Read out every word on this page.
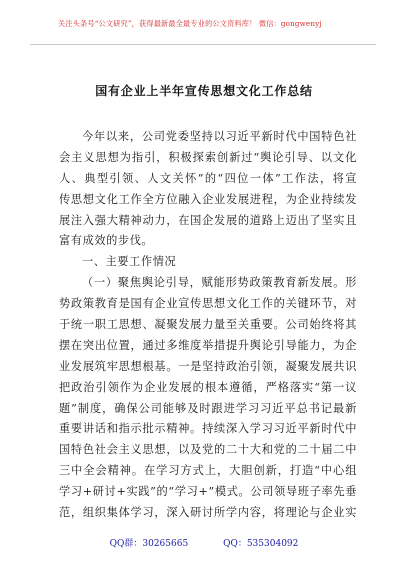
关注头条号“公文研究”，获得最新最全最专业的公文资料库！ 微信：gongwenyj
国有企业上半年宣传思想文化工作总结
今年以来，公司党委坚持以习近平新时代中国特色社
会主义思想为指引，积极探索创新过“舆论引导、以文化
人、典型引领、人文关怀”的“四位一体”工作法，将宣
传思想文化工作全方位融入企业发展进程，为企业持续发
展注入强大精神动力，在国企发展的道路上迈出了坚实且
富有成效的步伐。
一、主要工作情况
（一）聚焦舆论引导，赋能形势政策教育新发展。形
势政策教育是国有企业宣传思想文化工作的关键环节，对
于统一职工思想、凝聚发展力量至关重要。公司始终将其
摆在突出位置，通过多维度举措提升舆论引导能力，为企
业发展筑牢思想根基。一是坚持政治引领，凝聚发展共识
把政治引领作为企业发展的根本遵循，严格落实“第一议
题”制度，确保公司能够及时跟进学习习近平总书记最新
重要讲话和指示批示精神。持续深入学习习近平新时代中
国特色社会主义思想，以及党的二十大和党的二十届二中
三中全会精神。在学习方式上，大胆创新，打造“中心组
学习+研讨+实践”的“学习+”模式。公司领导班子率先垂
范，组织集体学习，深入研讨所学内容，将理论与企业实
QQ群：30265665	QQ：535304092
